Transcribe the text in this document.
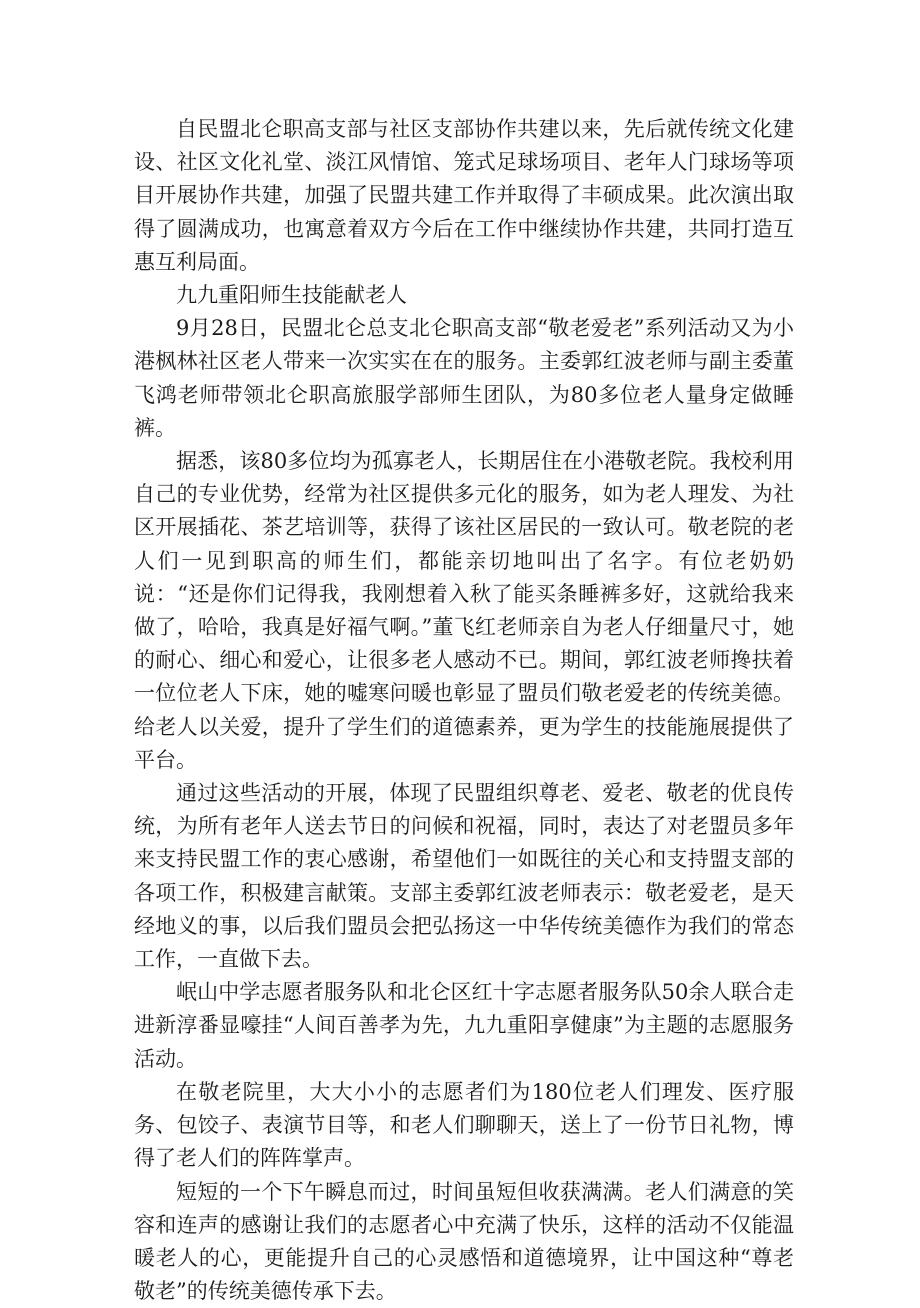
自民盟北仑职高支部与社区支部协作共建以来，先后就传统文化建设、社区文化礼堂、淡江风情馆、笼式足球场项目、老年人门球场等项目开展协作共建，加强了民盟共建工作并取得了丰硕成果。此次演出取得了圆满成功，也寓意着双方今后在工作中继续协作共建，共同打造互惠互利局面。

九九重阳师生技能献老人

9月28日，民盟北仑总支北仑职高支部“敬老爱老”系列活动又为小港枫林社区老人带来一次实实在在的服务。主委郭红波老师与副主委董飞鸿老师带领北仑职高旅服学部师生团队，为80多位老人量身定做睡裤。

据悉，该80多位均为孤寡老人，长期居住在小港敬老院。我校利用自己的专业优势，经常为社区提供多元化的服务，如为老人理发、为社区开展插花、茶艺培训等，获得了该社区居民的一致认可。敬老院的老人们一见到职高的师生们，都能亲切地叫出了名字。有位老奶奶说：“还是你们记得我，我刚想着入秋了能买条睡裤多好，这就给我来做了，哈哈，我真是好福气啊。”董飞红老师亲自为老人仔细量尺寸，她的耐心、细心和爱心，让很多老人感动不已。期间，郭红波老师搀扶着一位位老人下床，她的嘘寒问暖也彰显了盟员们敬老爱老的传统美德。给老人以关爱，提升了学生们的道德素养，更为学生的技能施展提供了平台。

通过这些活动的开展，体现了民盟组织尊老、爱老、敬老的优良传统，为所有老年人送去节日的问候和祝福，同时，表达了对老盟员多年来支持民盟工作的衷心感谢，希望他们一如既往的关心和支持盟支部的各项工作，积极建言献策。支部主委郭红波老师表示：敬老爱老，是天经地义的事，以后我们盟员会把弘扬这一中华传统美德作为我们的常态工作，一直做下去。

岷山中学志愿者服务队和北仑区红十字志愿者服务队50余人联合走进新淳番显嚎挂“人间百善孝为先，九九重阳享健康”为主题的志愿服务活动。

在敬老院里，大大小小的志愿者们为180位老人们理发、医疗服务、包饺子、表演节目等，和老人们聊聊天，送上了一份节日礼物，博得了老人们的阵阵掌声。

短短的一个下午瞬息而过，时间虽短但收获满满。老人们满意的笑容和连声的感谢让我们的志愿者心中充满了快乐，这样的活动不仅能温暖老人的心，更能提升自己的心灵感悟和道德境界，让中国这种“尊老敬老”的传统美德传承下去。
